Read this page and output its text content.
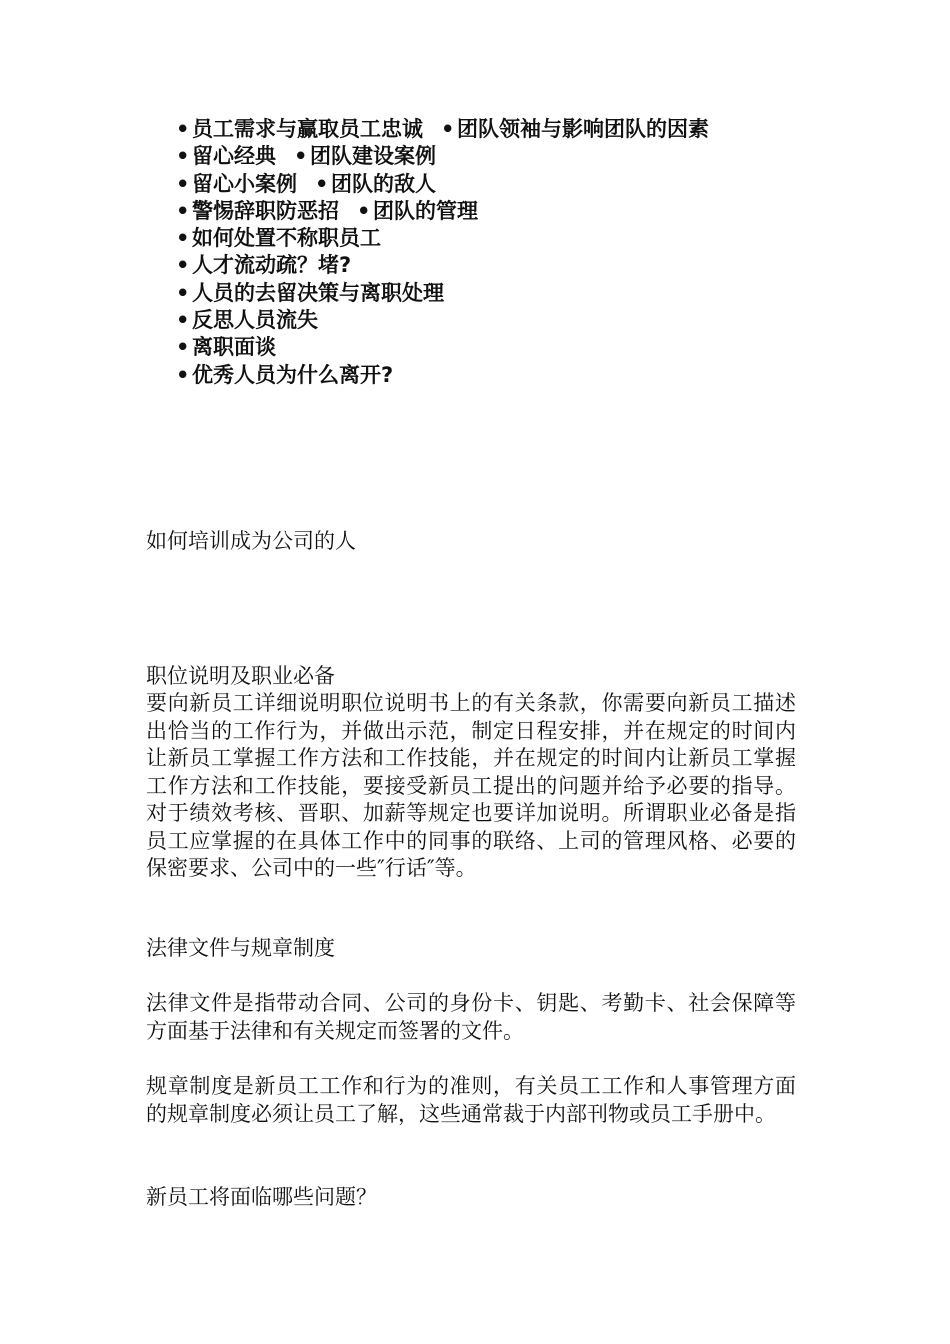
• 员工需求与赢取员工忠诚 • 团队领袖与影响团队的因素
• 留心经典 • 团队建设案例
• 留心小案例 • 团队的敌人
• 警惕辞职防恶招 • 团队的管理
• 如何处置不称职员工
• 人才流动疏？堵?
• 人员的去留决策与离职处理
• 反思人员流失
• 离职面谈
• 优秀人员为什么离开?
如何培训成为公司的人

职位说明及职业必备

要向新员工详细说明职位说明书上的有关条款，你需要向新员工描述出恰当的工作行为，并做出示范，制定日程安排，并在规定的时间内让新员工掌握工作方法和工作技能，并在规定的时间内让新员工掌握工作方法和工作技能，要接受新员工提出的问题并给予必要的指导。对于绩效考核、晋职、加薪等规定也要详加说明。所谓职业必备是指员工应掌握的在具体工作中的同事的联络、上司的管理风格、必要的保密要求、公司中的一些″行话″等。

法律文件与规章制度

法律文件是指带动合同、公司的身份卡、钥匙、考勤卡、社会保障等方面基于法律和有关规定而签署的文件。

规章制度是新员工工作和行为的准则，有关员工工作和人事管理方面的规章制度必须让员工了解，这些通常裁于内部刊物或员工手册中。

新员工将面临哪些问题？
